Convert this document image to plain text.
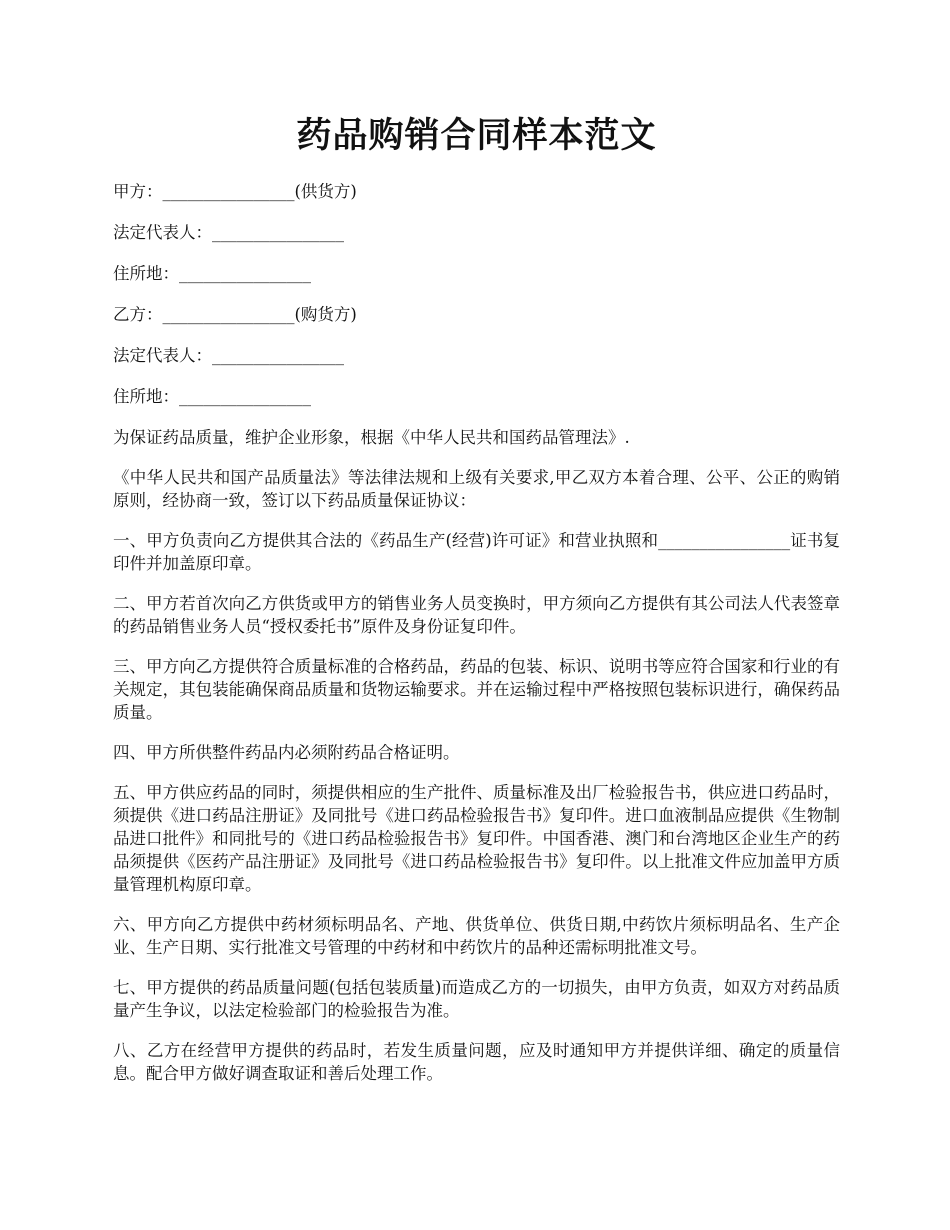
药品购销合同样本范文

甲方：________________(供货方)

法定代表人：________________

住所地：________________

乙方：________________(购货方)

法定代表人：________________

住所地：________________

为保证药品质量，维护企业形象，根据《中华人民共和国药品管理法》.

《中华人民共和国产品质量法》等法律法规和上级有关要求,甲乙双方本着合理、公平、公正的购销原则，经协商一致，签订以下药品质量保证协议：

一、甲方负责向乙方提供其合法的《药品生产(经营)许可证》和营业执照和________________证书复印件并加盖原印章。

二、甲方若首次向乙方供货或甲方的销售业务人员变换时，甲方须向乙方提供有其公司法人代表签章的药品销售业务人员“授权委托书”原件及身份证复印件。

三、甲方向乙方提供符合质量标准的合格药品，药品的包装、标识、说明书等应符合国家和行业的有关规定，其包装能确保商品质量和货物运输要求。并在运输过程中严格按照包装标识进行，确保药品质量。

四、甲方所供整件药品内必须附药品合格证明。

五、甲方供应药品的同时，须提供相应的生产批件、质量标准及出厂检验报告书，供应进口药品时，须提供《进口药品注册证》及同批号《进口药品检验报告书》复印件。进口血液制品应提供《生物制品进口批件》和同批号的《进口药品检验报告书》复印件。中国香港、澳门和台湾地区企业生产的药品须提供《医药产品注册证》及同批号《进口药品检验报告书》复印件。以上批准文件应加盖甲方质量管理机构原印章。

六、甲方向乙方提供中药材须标明品名、产地、供货单位、供货日期,中药饮片须标明品名、生产企业、生产日期、实行批准文号管理的中药材和中药饮片的品种还需标明批准文号。

七、甲方提供的药品质量问题(包括包装质量)而造成乙方的一切损失，由甲方负责，如双方对药品质量产生争议，以法定检验部门的检验报告为准。

八、乙方在经营甲方提供的药品时，若发生质量问题，应及时通知甲方并提供详细、确定的质量信息。配合甲方做好调查取证和善后处理工作。
